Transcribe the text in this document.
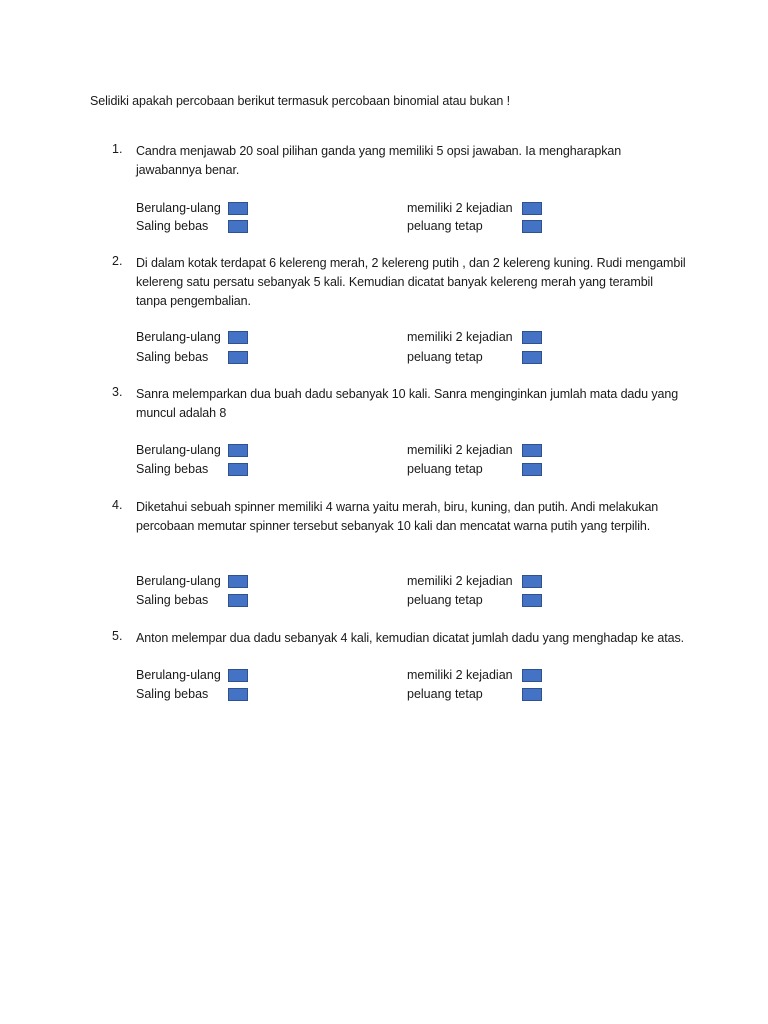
Selidiki apakah percobaan berikut termasuk percobaan binomial atau bukan !
1. Candra menjawab 20 soal pilihan ganda yang memiliki 5 opsi jawaban. Ia mengharapkan jawabannya benar.
Berulang-ulang	memiliki 2 kejadian
Saling bebas	peluang tetap
2. Di dalam kotak terdapat 6 kelereng merah, 2 kelereng putih , dan 2 kelereng kuning. Rudi mengambil kelereng satu persatu sebanyak 5 kali. Kemudian dicatat banyak kelereng merah yang terambil tanpa pengembalian.
Berulang-ulang	memiliki 2 kejadian
Saling bebas	peluang tetap
3. Sanra melemparkan dua buah dadu sebanyak 10 kali. Sanra menginginkan jumlah mata dadu yang muncul adalah 8
Berulang-ulang	memiliki 2 kejadian
Saling bebas	peluang tetap
4. Diketahui sebuah spinner memiliki 4 warna yaitu merah, biru, kuning, dan putih. Andi melakukan percobaan memutar spinner tersebut sebanyak 10 kali dan mencatat warna putih yang terpilih.
Berulang-ulang	memiliki 2 kejadian
Saling bebas	peluang tetap
5. Anton melempar dua dadu sebanyak 4 kali, kemudian dicatat jumlah dadu yang menghadap ke atas.
Berulang-ulang	memiliki 2 kejadian
Saling bebas	peluang tetap
